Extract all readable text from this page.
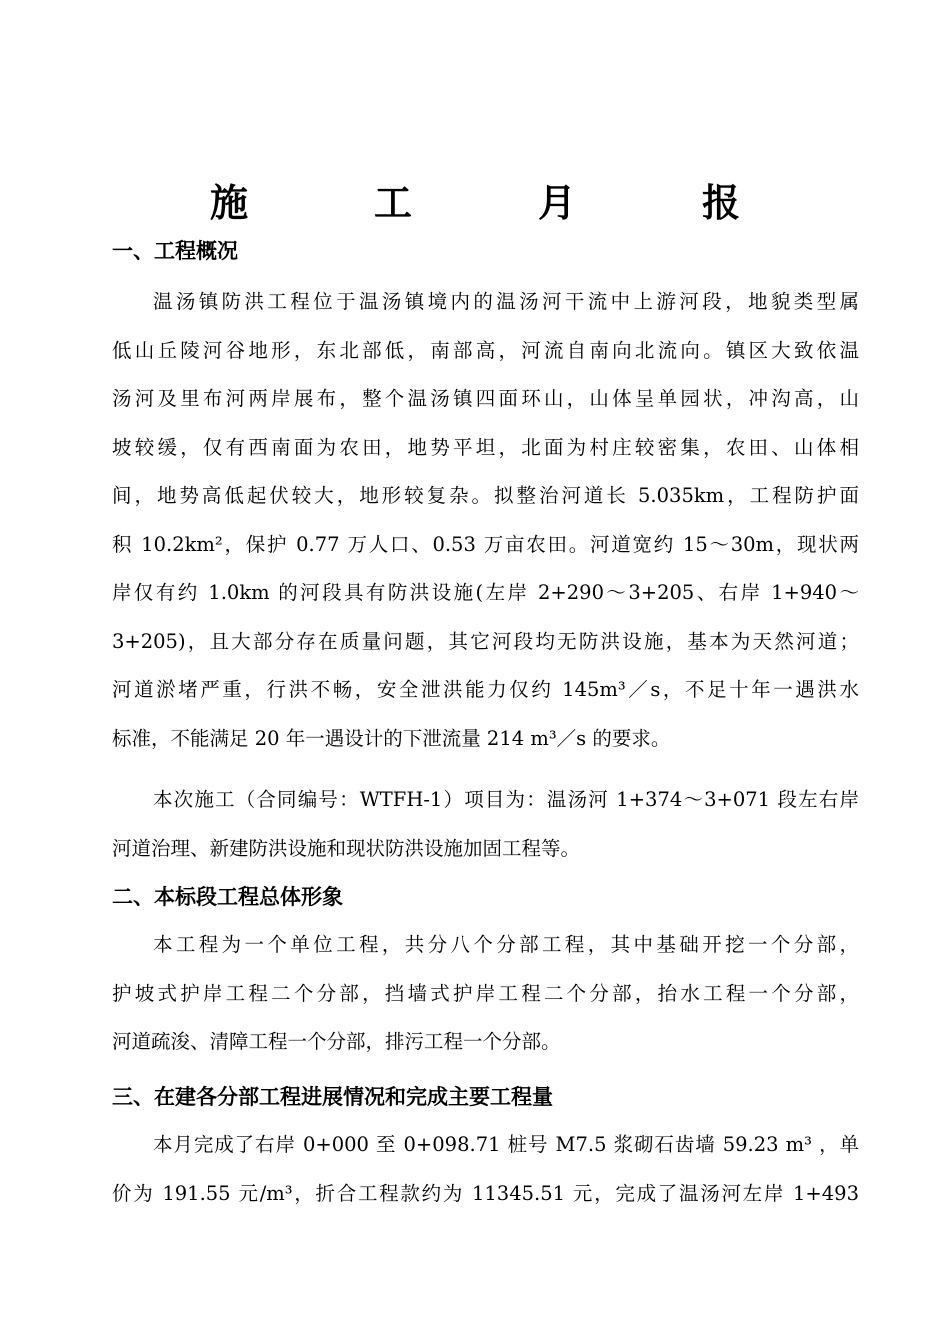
施　工　月　报
一、工程概况
温汤镇防洪工程位于温汤镇境内的温汤河干流中上游河段，地貌类型属
低山丘陵河谷地形，东北部低，南部高，河流自南向北流向。镇区大致依温
汤河及里布河两岸展布，整个温汤镇四面环山，山体呈单园状，冲沟高，山
坡较缓，仅有西南面为农田，地势平坦，北面为村庄较密集，农田、山体相
间，地势高低起伏较大，地形较复杂。拟整治河道长 5.035km，工程防护面
积 10.2km²，保护 0.77 万人口、0.53 万亩农田。河道宽约 15～30m，现状两
岸仅有约 1.0km 的河段具有防洪设施(左岸 2+290～3+205、右岸 1+940～
3+205)，且大部分存在质量问题，其它河段均无防洪设施，基本为天然河道；
河道淤堵严重，行洪不畅，安全泄洪能力仅约 145m³／s，不足十年一遇洪水
标准，不能满足 20 年一遇设计的下泄流量 214 m³／s 的要求。
本次施工（合同编号：WTFH-1）项目为：温汤河 1+374～3+071 段左右岸
河道治理、新建防洪设施和现状防洪设施加固工程等。
二、本标段工程总体形象
本工程为一个单位工程，共分八个分部工程，其中基础开挖一个分部，
护坡式护岸工程二个分部，挡墙式护岸工程二个分部，抬水工程一个分部，
河道疏浚、清障工程一个分部，排污工程一个分部。
三、在建各分部工程进展情况和完成主要工程量
本月完成了右岸 0+000 至 0+098.71 桩号 M7.5 浆砌石齿墙 59.23 m³ ，单
价为 191.55 元/m³，折合工程款约为 11345.51 元，完成了温汤河左岸 1+493
